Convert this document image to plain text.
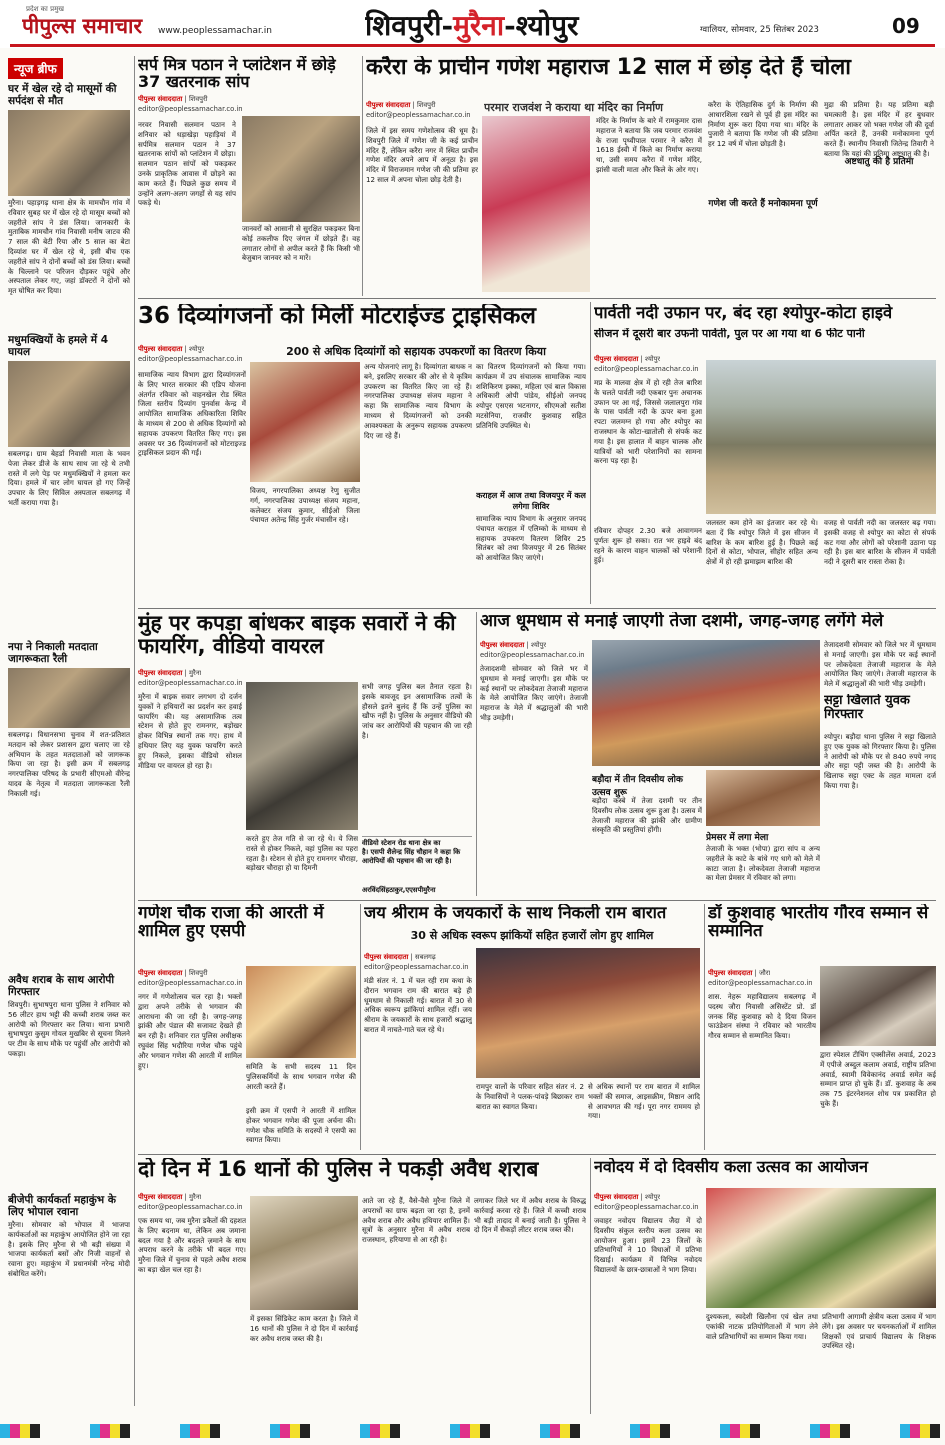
प्रदेश का प्रमुख
पीपुल्स समाचार	www.peoplessamachar.in	शिवपुरी-मुरैना-श्योपुर	ग्वालियर, सोमवार, 25 सितंबर 2023	09
न्यूज ब्रीफ
घर में खेल रहे दो मासूमों की सर्पदंश से मौत
मुरैना। पहाड़गढ़ थाना क्षेत्र के मामचौन गांव में रविवार सुबह घर में खेल रहे दो मासूम बच्चों को जहरीले सांप ने डंस लिया। जानकारी के मुताबिक मामचौन गांव निवासी मनीष जाटव की 7 साल की बेटी रिया और 5 साल का बेटा दिव्यांश घर में खेल रहे थे, इसी बीच एक जहरीले सांप ने दोनों बच्चों को डंस लिया। बच्चों के चिल्लाने पर परिजन दौड़कर पहुंचे और अस्पताल लेकर गए, जहां डॉक्टरों ने दोनों को मृत घोषित कर दिया।
मधुमक्खियों के हमले में 4 घायल
सबलगढ़। ग्राम बेहर्डा निवासी माता के भवन पेजा लेकर डीजे के साथ साथ जा रहे थे तभी रास्ते में लगे पेड़ पर मधुमक्खियों ने हमला कर दिया। हमले में चार लोग घायल हो गए जिन्हें उपचार के लिए सिविल अस्पताल सबलगढ़ में भर्ती कराया गया है।
नपा ने निकाली मतदाता जागरूकता रैली
सबलगढ़। विधानसभा चुनाव में शत-प्रतिशत मतदान को लेकर प्रशासन द्वारा चलाए जा रहे अभियान के तहत मतदाताओं को जागरूक किया जा रहा है। इसी क्रम में सबलगढ़ नगरपालिका परिषद के प्रभारी सीएमओ वीरेन्द्र यादव के नेतृत्व में मतदाता जागरूकता रैली निकाली गई।
अवैध शराब के साथ आरोपी गिरफ्तार
शिवपुरी। सुभाषपुरा थाना पुलिस ने शनिवार को 56 लीटर हाथ भट्टी की कच्ची शराब जब्त कर आरोपी को गिरफ्तार कर लिया। थाना प्रभारी सुभाषपुरा कुसुम गोयल मुखबिर से सूचना मिलने पर टीम के साथ मौके पर पहुंचीं और आरोपी को पकड़ा।
बीजेपी कार्यकर्ता महाकुंभ के लिए भोपाल रवाना
मुरैना। सोमवार को भोपाल में भाजपा कार्यकर्ताओं का महाकुंभ आयोजित होने जा रहा है। इसके लिए मुरैना से भी बड़ी संख्या में भाजपा कार्यकर्ता बसों और निजी वाहनों से रवाना हुए। महाकुंभ में प्रधानमंत्री नरेन्द्र मोदी संबोधित करेंगे।
सर्प मित्र पठान ने प्लांटेशन में छोड़े 37 खतरनाक सांप
पीपुल्स संवाददाता | शिवपुरी
editor@peoplessamachar.co.in
नरवर निवासी सलमान पठान ने शनिवार को धड़ाखेड़ा पहाड़ियां में सर्पमित्र सलमान पठान ने 37 खतरनाक सांपों को प्लांटेशन में छोड़ा। सलमान पठान सांपों को पकड़कर उनके प्राकृतिक आवास में छोड़ने का काम करते हैं। पिछले कुछ समय में उन्होंने अलग-अलग जगहों से यह सांप पकड़े थे।
जानवरों को आसानी से सुरक्षित पकड़कर बिना कोई तकलीफ दिए जंगल में छोड़ते हैं। वह लगातार लोगों से अपील करते हैं कि किसी भी बेजुबान जानवर को न मारें।
करैरा के प्राचीन गणेश महाराज 12 साल में छोड़ देते हैं चोला
पीपुल्स संवाददाता | शिवपुरी
editor@peoplessamachar.co.in
जिले में इस समय गणेशोत्सव की धूम है। शिवपुरी जिले में गणेश जी के कई प्राचीन मंदिर हैं, लेकिन करैरा नगर में स्थित प्राचीन गणेश मंदिर अपने आप में अनूठा है। इस मंदिर में विराजमान गणेश जी की प्रतिमा हर 12 साल में अपना चोला छोड़ देती है।
परमार राजवंश ने कराया था मंदिर का निर्माण
मंदिर के निर्माण के बारे में रामकुमार दास महाराज ने बताया कि जब परमार राजवंश के राजा पृथ्वीपाल परमार ने करैरा में 1618 ईस्वी में किले का निर्माण कराया था, उसी समय करैरा में गणेश मंदिर, झांसी वाली माता और किले के ओर गए।
करैरा के ऐतिहासिक दुर्ग के निर्माण की आधारशिला रखने से पूर्व ही इस मंदिर का निर्माण शुरू करा दिया गया था। मंदिर के पुजारी ने बताया कि गणेश जी की प्रतिमा हर 12 वर्ष में चोला छोड़ती है।
गणेश जी करते हैं मनोकामना पूर्ण
अष्टधातु की है प्रतिमा
मुद्रा की प्रतिमा है। यह प्रतिमा बड़ी चमत्कारी है। इस मंदिर में हर बुधवार लगातार आकर जो भक्त गणेश जी की दूर्वा अर्पित करते हैं, उनकी मनोकामना पूर्ण करते हैं। स्थानीय निवासी जितेन्द्र तिवारी ने बताया कि यहां की प्रतिमा अष्टधातु की है।
36 दिव्यांगजनों को मिलीं मोटराईज्ड ट्राइसिकल
पीपुल्स संवाददाता | श्योपुर
editor@peoplessamachar.co.in
200 से अधिक दिव्यांगों को सहायक उपकरणों का वितरण किया
सामाजिक न्याय विभाग द्वारा दिव्यांगजनों के लिए भारत सरकार की एडिप योजना अंतर्गत रविवार को वाहनखेल रोड स्थित जिला स्तरीय दिव्यांग पुनर्वास केन्द्र में आयोजित सामाजिक अधिकारिता शिविर के माध्यम से 200 से अधिक दिव्यांगों को सहायक उपकरण वितरित किए गए। इस अवसर पर 36 दिव्यांगजनों को मोटराइज्ड ट्राइसिकल प्रदान की गईं।
विजय, नगरपालिका अध्यक्ष रेणु सुजीत गर्ग, नगरपालिका उपाध्यक्ष संजय महाना, कलेक्टर संजय कुमार, सीईओ जिला पंचायत अतेन्द्र सिंह गुर्जर मंचासीन रहे।
अन्य योजनाएं लागू है। दिव्यांगता बाधक न बने, इसलिए सरकार की ओर से ये कृत्रिम उपकरण का वितरित किए जा रहे हैं। नगरपालिका उपाध्यक्ष संजय महाना ने कहा कि सामाजिक न्याय विभाग के माध्यम से दिव्यांगजनों को उनकी आवश्यकता के अनुरूप सहायक उपकरण दिए जा रहे हैं।
का वितरण दिव्यांगजनों को किया गया। कार्यक्रम में उप संचालक सामाजिक न्याय शशिकिरण इक्का, महिला एवं बाल विकास अधिकारी ओपी पांडेय, सीईओ जनपद श्योपुर एसएस भटनागर, सीएमओ सतीश मटसेनिया, राजवीर कुशवाह सहित प्रतिनिधि उपस्थित थे।
कराहल में आज तथा विजयपुर में कल लगेगा शिविर
सामाजिक न्याय विभाग के अनुसार जनपद पंचायत कराहल में एलिम्को के माध्यम से सहायक उपकरण वितरण शिविर 25 सितंबर को तथा विजयपुर में 26 सितंबर को आयोजित किए जाएंगे।
पार्वती नदी उफान पर, बंद रहा श्योपुर-कोटा हाइवे
सीजन में दूसरी बार उफनी पार्वती, पुल पर आ गया था 6 फीट पानी
पीपुल्स संवाददाता | श्योपुर
editor@peoplessamachar.co.in
मप्र के मालवा क्षेत्र में हो रही तेज बारिश के चलते पार्वती नदी एकबार पुनः अचानक उफान पर आ गई, जिससे जलालपुरा गांव के पास पार्वती नदी के ऊपर बना हुआ रपटा जलमग्न हो गया और श्योपुर का राजस्थान के कोटा-खातोली से संपर्क कट गया है। इस हालात में बाहन चालक और यात्रियों को भारी परेशानियों का सामना करना पड़ रहा है।
रविवार दोपहर 2.30 बजे आवागमन पूर्णतः शुरू हो सका। रात भर हाइवे बंद रहने के कारण वाहन चालकों को परेशानी हुई।
जलस्तर कम होने का इंतजार कर रहे थे। बता दें कि श्योपुर जिले में इस सीजन में बारिश के कम बारिश हुई है। पिछले कई दिनों से कोटा, भोपाल, सीहोर सहित अन्य क्षेत्रों में हो रही झमाझम बारिश की
वजह से पार्वती नदी का जलस्तर बढ़ गया। इसकी वजह से श्योपुर का कोटा से संपर्क कट गया और लोगों को परेशानी उठाना पड़ रही है। इस बार बारिश के सीजन में पार्वती नदी ने दूसरी बार रास्ता रोका है।
मुंह पर कपड़ा बांधकर बाइक सवारों ने की फायरिंग, वीडियो वायरल
पीपुल्स संवाददाता | मुरैना
editor@peoplessamachar.co.in
मुरैना में बाइक सवार लगभग दो दर्जन युवकों ने हथियारों का प्रदर्शन कर हवाई फायरिंग की। यह असामाजिक तत्व स्टेशन से होते हुए रामनगर, बड़ोखर होकर विभिन्न स्थानों तक गए। हाथ में हथियार लिए यह युवक फायरिंग करते हुए निकले, इसका वीडियो सोशल मीडिया पर वायरल हो रहा है।
करते हुए तेज गति से जा रहे थे। ये जिस रास्ते से होकर निकले, वहां पुलिस का पहरा रहता है। स्टेशन से होते हुए रामनगर चौराहा, बड़ोखर चौराहा हो या दिमनी
सभी जगह पुलिस बल तैनात रहता है। इसके बावजूद इन असामाजिक तत्वों के हौसले इतने बुलंद हैं कि उन्हें पुलिस का खौफ नहीं है। पुलिस के अनुसार वीडियो की जांच कर आरोपियों की पहचान की जा रही है।
वीडियो स्टेशन रोड थाना क्षेत्र का
है। एसपी शैलेन्द्र सिंह चौहान ने कहा कि
आरोपियों की पहचान की जा रही है।
अरविंदसिंहठाकुर,एएसपीमुरैना
आज धूमधाम से मनाई जाएगी तेजा दशमी, जगह-जगह लगेंगे मेले
पीपुल्स संवाददाता | श्योपुर
editor@peoplessamachar.co.in
तेजादशमी सोमवार को जिले भर में धूमधाम से मनाई जाएगी। इस मौके पर कई स्थानों पर लोकदेवता तेजाजी महाराज के मेले आयोजित किए जाएंगे। तेजाजी महाराज के मेले में श्रद्धालुओं की भारी भीड़ उमड़ेगी।
बड़ौदा में तीन दिवसीय लोक उत्सव शुरू
बड़ौदा कस्बे में तेजा दशमी पर तीन दिवसीय लोक उत्सव शुरू हुआ है। उत्सव में तेजाजी महाराज की झांकी और ग्रामीण संस्कृति की प्रस्तुतियां होंगी।
प्रेमसर में लगा मेला
तेजाजी के भक्त (भोपा) द्वारा सांप व अन्य जहरीले के काटे के बांधे गए धागे को मेले में काटा जाता है। लोकदेवता तेजाजी महाराज का मेला प्रेमसर में रविवार को लगा।
तेजादशमी सोमवार को जिले भर में धूमधाम से मनाई जाएगी। इस मौके पर कई स्थानों पर लोकदेवता तेजाजी महाराज के मेले आयोजित किए जाएंगे। तेजाजी महाराज के मेले में श्रद्धालुओं की भारी भीड़ उमड़ेगी।
सट्टा खिलाते युवक गिरफ्तार
श्योपुर। बड़ौदा थाना पुलिस ने सट्टा खिलाते हुए एक युवक को गिरफ्तार किया है। पुलिस ने आरोपी को मौके पर से 840 रुपये नगद और सट्टा पट्टी जब्त की है। आरोपी के खिलाफ सट्टा एक्ट के तहत मामला दर्ज किया गया है।
गणेश चौक राजा की आरती में शामिल हुए एसपी
पीपुल्स संवाददाता | शिवपुरी
editor@peoplessamachar.co.in
नगर में गणेशोत्सव चल रहा है। भक्तों द्वारा अपने तरीके से भगवान की आराधना की जा रही है। जगह-जगह झांकी और पंडाल की सजावट देखते ही बन रही है। शनिवार रात पुलिस अधीक्षक रघुवंश सिंह भदौरिया गणेश चौक पहुंचे और भगवान गणेश की आरती में शामिल हुए।	समिति के सभी सदस्य 11 दिन पुलिसकर्मियों के साथ भगवान गणेश की आरती करते हैं।
इसी क्रम में एसपी ने आरती में शामिल होकर भगवान गणेश की पूजा अर्चना की। गणेश चौक समिति के सदस्यों ने एसपी का स्वागत किया।
जय श्रीराम के जयकारों के साथ निकली राम बारात
30 से अधिक स्वरूप झांकियों सहित हजारों लोग हुए शामिल
पीपुल्स संवाददाता | सबलगढ़
editor@peoplessamachar.co.in
मंडी संतर नं. 1 में चल रही राम कथा के दौरान भगवान राम की बारात बड़े ही धूमधाम से निकाली गई। बारात में 30 से अधिक स्वरूप झांकियां शामिल रहीं। जय श्रीराम के जयकारों के साथ हजारों श्रद्धालु बारात में नाचते-गाते चल रहे थे।
रामपुर वालों के परिवार सहित संतर नं. 2 के निवासियों ने पलक-पांवड़े बिछाकर राम बारात का स्वागत किया।
से अधिक स्थानों पर राम बारात में शामिल भक्तों की समाज, आइसक्रीम, मिष्ठान आदि से आवभगत की गई। पूरा नगर राममय हो गया।
डॉ कुशवाह भारतीय गौरव सम्मान से सम्मानित
पीपुल्स संवाददाता | जौरा
editor@peoplessamachar.co.in
शास. नेहरू महाविद्यालय सबलगढ़ में पदस्थ जौरा निवासी असिस्टेंट प्रो. डॉ जनक सिंह कुशवाह को दे दिया विजन फाउंडेशन संस्था ने रविवार को भारतीय गौरव सम्मान से सम्मानित किया।
द्वारा स्पेशल टीचिंग एक्सीलेंस अवार्ड, 2023 में एपीजे अब्दुल कलाम अवार्ड, राष्ट्रीय प्रतिभा अवार्ड, स्वामी विवेकानंद अवार्ड समेत कई सम्मान प्राप्त हो चुके हैं। डॉ. कुशवाह के अब तक 75 इंटरनेशनल शोध पत्र प्रकाशित हो चुके हैं।
दो दिन में 16 थानों की पुलिस ने पकड़ी अवैध शराब
पीपुल्स संवाददाता | मुरैना
editor@peoplessamachar.co.in
एक समय था, जब मुरैना डकैतों की दहशत के लिए बदनाम था, लेकिन अब जमाना बदल गया है और बदलते ज़माने के साथ अपराध करने के तरीके भी बदल गए। मुरैना जिले में चुनाव से पहले अवैध शराब का बड़ा खेल चल रहा है।
में इसका सिंडिकेट काम करता है। जिले में 16 थानों की पुलिस ने दो दिन में कार्रवाई कर अवैध शराब जब्त की है।
आते जा रहे हैं, वैसे-वैसे मुरैना जिले में अपराधों का ग्राफ बढ़ता जा रहा है, इनमें अवैध शराब और अवैध हथियार शामिल हैं। सूत्रों के अनुसार मुरैना में अवैध शराब राजस्थान, हरियाणा से आ रही है।
लगाकर जिले भर में अवैध शराब के विरुद्ध कार्रवाई करवा रहे हैं। जिले में कच्ची शराब भी बड़ी तादाद में बनाई जाती है। पुलिस ने दो दिन में सैकड़ों लीटर शराब जब्त की।
नवोदय में दो दिवसीय कला उत्सव का आयोजन
पीपुल्स संवाददाता | श्योपुर
editor@peoplessamachar.co.in
जवाहर नवोदय विद्यालय जैदा में दो दिवसीय संकुल स्तरीय कला उत्सव का आयोजन हुआ। इसमें 23 जिलों के प्रतिभागियों ने 10 विधाओं में प्रतिभा दिखाई। कार्यक्रम में विभिन्न नवोदय विद्यालयों के छात्र-छात्राओं ने भाग लिया।
दुश्यकला, स्वदेशी खिलौना एवं खेल तथा एकांकी नाटक प्रतियोगिताओं में भाग लेने वाले प्रतिभागियों का सम्मान किया गया।
प्रतिभागी आगामी क्षेत्रीय कला उत्सव में भाग लेंगे। इस अवसर पर चयनकर्ताओं में शामिल शिक्षकों एवं प्राचार्य विद्यालय के शिक्षक उपस्थित रहे।
